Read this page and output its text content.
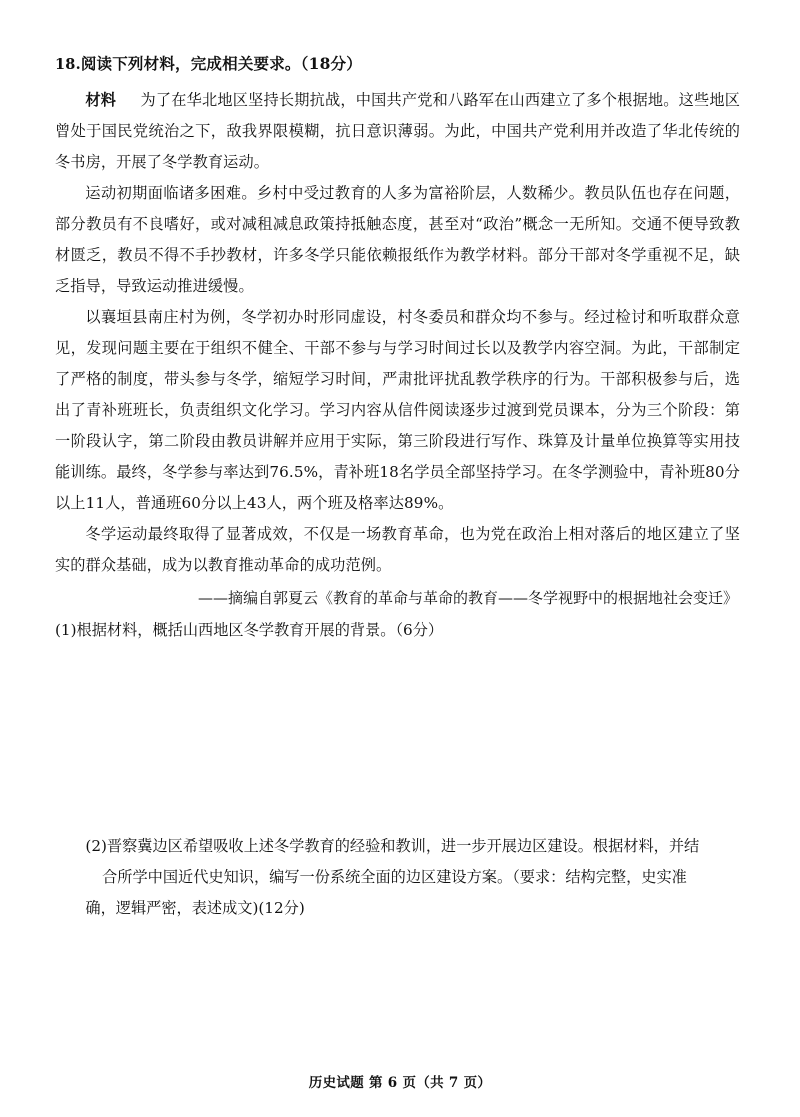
18.阅读下列材料，完成相关要求。（18分）

材料 为了在华北地区坚持长期抗战，中国共产党和八路军在山西建立了多个根据地。这些地区曾处于国民党统治之下，敌我界限模糊，抗日意识薄弱。为此，中国共产党利用并改造了华北传统的冬书房，开展了冬学教育运动。

运动初期面临诸多困难。乡村中受过教育的人多为富裕阶层，人数稀少。教员队伍也存在问题，部分教员有不良嗜好，或对减租减息政策持抵触态度，甚至对“政治”概念一无所知。交通不便导致教材匮乏，教员不得不手抄教材，许多冬学只能依赖报纸作为教学材料。部分干部对冬学重视不足，缺乏指导，导致运动推进缓慢。

以襄垣县南庄村为例，冬学初办时形同虚设，村冬委员和群众均不参与。经过检讨和听取群众意见，发现问题主要在于组织不健全、干部不参与与学习时间过长以及教学内容空洞。为此，干部制定了严格的制度，带头参与冬学，缩短学习时间，严肃批评扰乱教学秩序的行为。干部积极参与后，选出了青补班班长，负责组织文化学习。学习内容从信件阅读逐步过渡到党员课本，分为三个阶段：第一阶段认字，第二阶段由教员讲解并应用于实际，第三阶段进行写作、珠算及计量单位换算等实用技能训练。最终，冬学参与率达到76.5%，青补班18名学员全部坚持学习。在冬学测验中，青补班80分以上11人，普通班60分以上43人，两个班及格率达89%。

冬学运动最终取得了显著成效，不仅是一场教育革命，也为党在政治上相对落后的地区建立了坚实的群众基础，成为以教育推动革命的成功范例。

——摘编自郭夏云《教育的革命与革命的教育——冬学视野中的根据地社会变迁》
(1)根据材料，概括山西地区冬学教育开展的背景。（6分）

(2)晋察冀边区希望吸收上述冬学教育的经验和教训，进一步开展边区建设。根据材料，并结
合所学中国近代史知识，编写一份系统全面的边区建设方案。（要求：结构完整，史实准
确，逻辑严密，表述成文)(12分)

历史试题 第 6 页（共 7 页）
